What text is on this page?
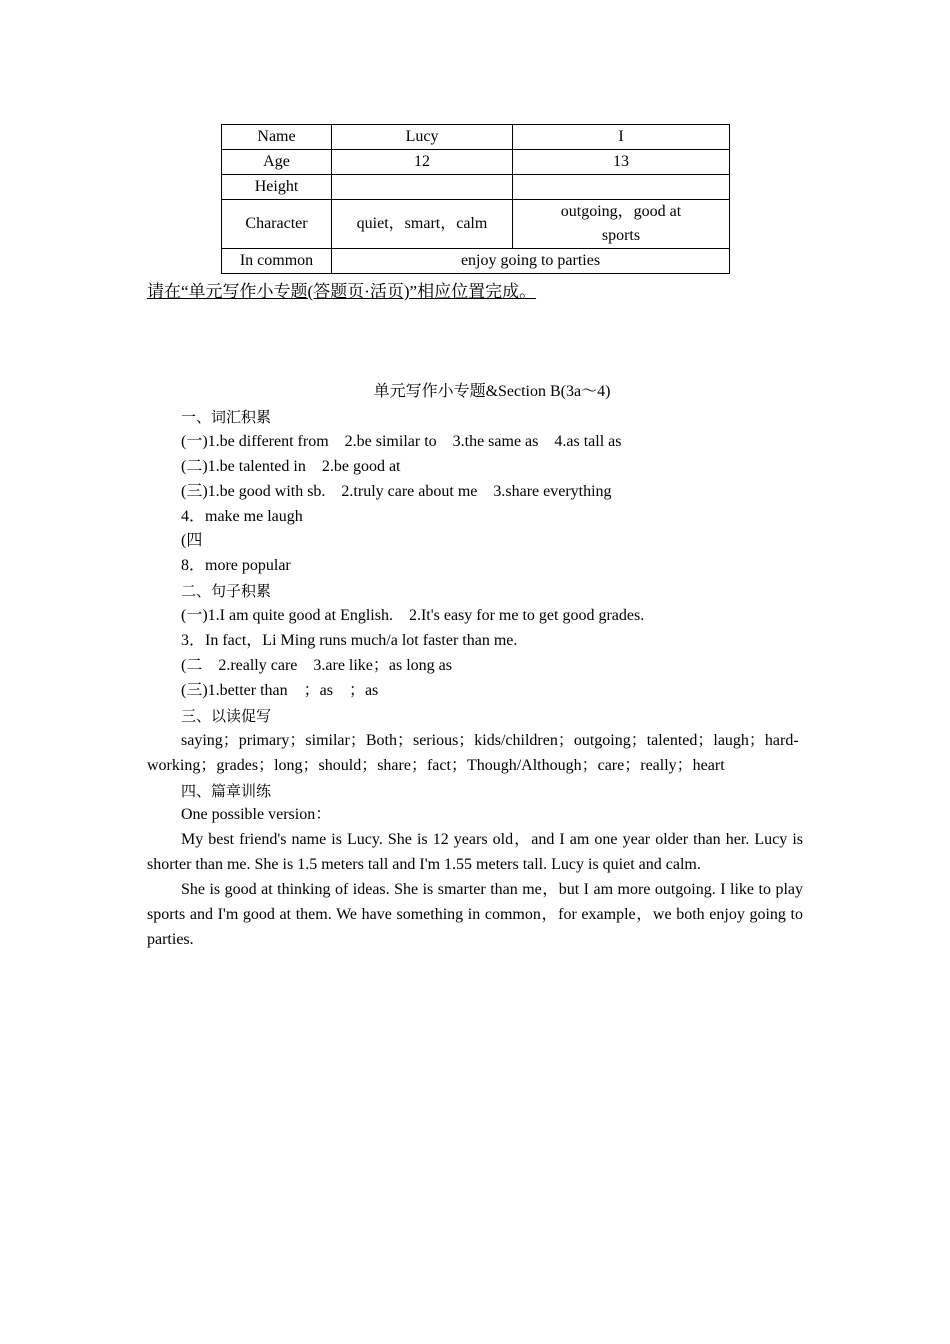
Name	Lucy	I
Age	12	13
Height		
Character	quiet，smart，calm	outgoing，good at
sports

In common	enjoy going to parties	
请在“单元写作小专题(答题页·活页)”相应位置完成。

单元写作小专题&Section B(3a～4)

一、词汇积累

(一)1.be different from　2.be similar to　3.the same as　4.as tall as

(二)1.be talented in　2.be good at

(三)1.be good with sb.　2.truly care about me　3.share everything

4．make me laugh

(四

8．more popular

二、句子积累

(一)1.I am quite good at English.　2.It's easy for me to get good grades.

3．In fact，Li Ming runs much/a lot faster than me.

(二　2.really care　3.are like；as long as

(三)1.better than　；as　；as

三、以读促写

saying；primary；similar；Both；serious；kids/children；outgoing；talented；laugh；hard-working；grades；long；should；share；fact；Though/Although；care；really；heart

四、篇章训练

One possible version：

My best friend's name is Lucy. She is 12 years old，and I am one year older than her. Lucy is shorter than me. She is 1.5 meters tall and I'm 1.55 meters tall. Lucy is quiet and calm.

She is good at thinking of ideas. She is smarter than me，but I am more outgoing. I like to play sports and I'm good at them. We have something in common，for example，we both enjoy going to parties.
